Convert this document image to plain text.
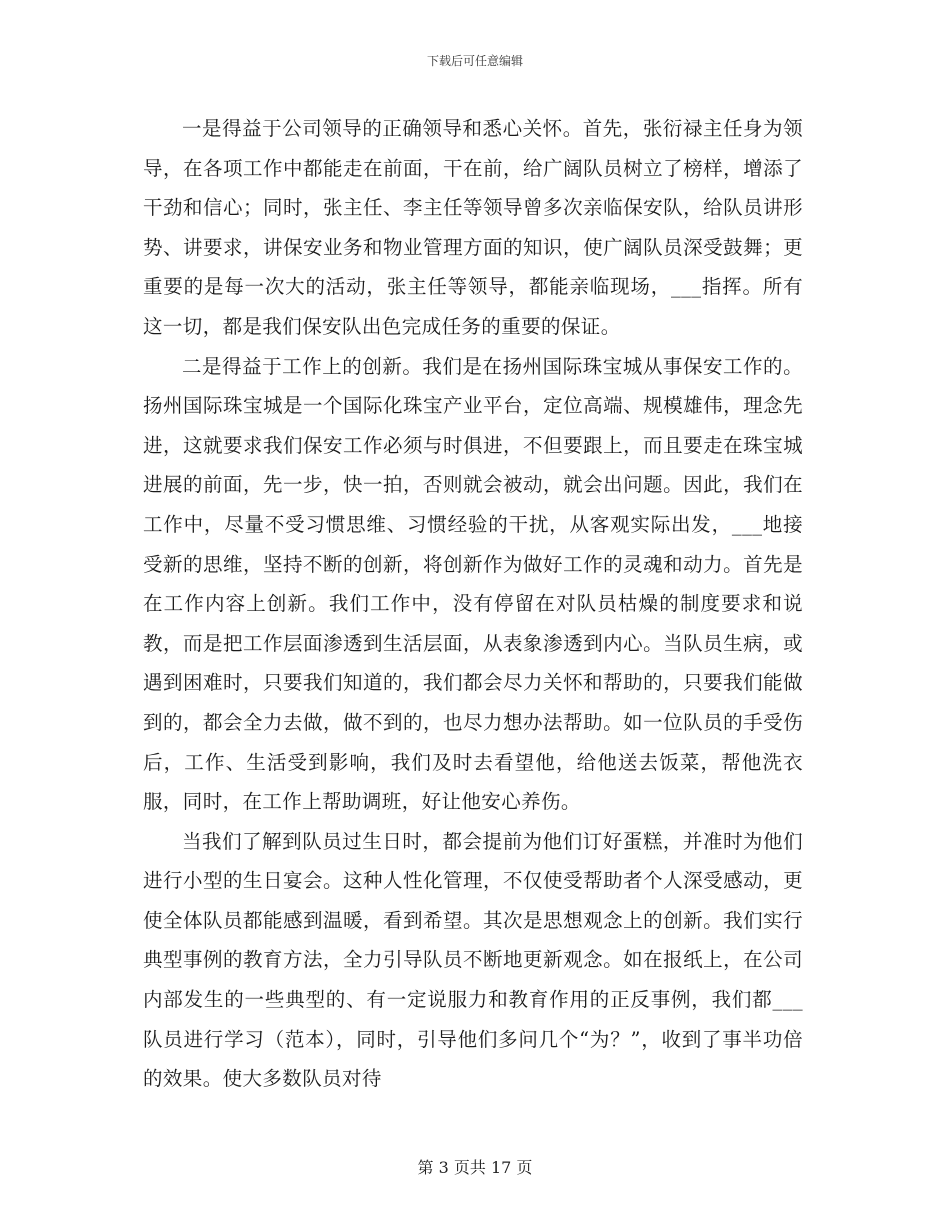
下载后可任意编辑

一是得益于公司领导的正确领导和悉心关怀。首先，张衍禄主任身为领导，在各项工作中都能走在前面，干在前，给广阔队员树立了榜样，增添了干劲和信心；同时，张主任、李主任等领导曾多次亲临保安队，给队员讲形势、讲要求，讲保安业务和物业管理方面的知识，使广阔队员深受鼓舞；更重要的是每一次大的活动，张主任等领导，都能亲临现场，___指挥。所有这一切，都是我们保安队出色完成任务的重要的保证。

二是得益于工作上的创新。我们是在扬州国际珠宝城从事保安工作的。扬州国际珠宝城是一个国际化珠宝产业平台，定位高端、规模雄伟，理念先进，这就要求我们保安工作必须与时俱进，不但要跟上，而且要走在珠宝城进展的前面，先一步，快一拍，否则就会被动，就会出问题。因此，我们在工作中，尽量不受习惯思维、习惯经验的干扰，从客观实际出发，___地接受新的思维，坚持不断的创新，将创新作为做好工作的灵魂和动力。首先是在工作内容上创新。我们工作中，没有停留在对队员枯燥的制度要求和说教，而是把工作层面渗透到生活层面，从表象渗透到内心。当队员生病，或遇到困难时，只要我们知道的，我们都会尽力关怀和帮助的，只要我们能做到的，都会全力去做，做不到的，也尽力想办法帮助。如一位队员的手受伤后，工作、生活受到影响，我们及时去看望他，给他送去饭菜，帮他洗衣服，同时，在工作上帮助调班，好让他安心养伤。

当我们了解到队员过生日时，都会提前为他们订好蛋糕，并准时为他们进行小型的生日宴会。这种人性化管理，不仅使受帮助者个人深受感动，更使全体队员都能感到温暖，看到希望。其次是思想观念上的创新。我们实行典型事例的教育方法，全力引导队员不断地更新观念。如在报纸上，在公司内部发生的一些典型的、有一定说服力和教育作用的正反事例，我们都___队员进行学习（范本），同时，引导他们多问几个“为？”，收到了事半功倍的效果。使大多数队员对待

第 3 页共 17 页
